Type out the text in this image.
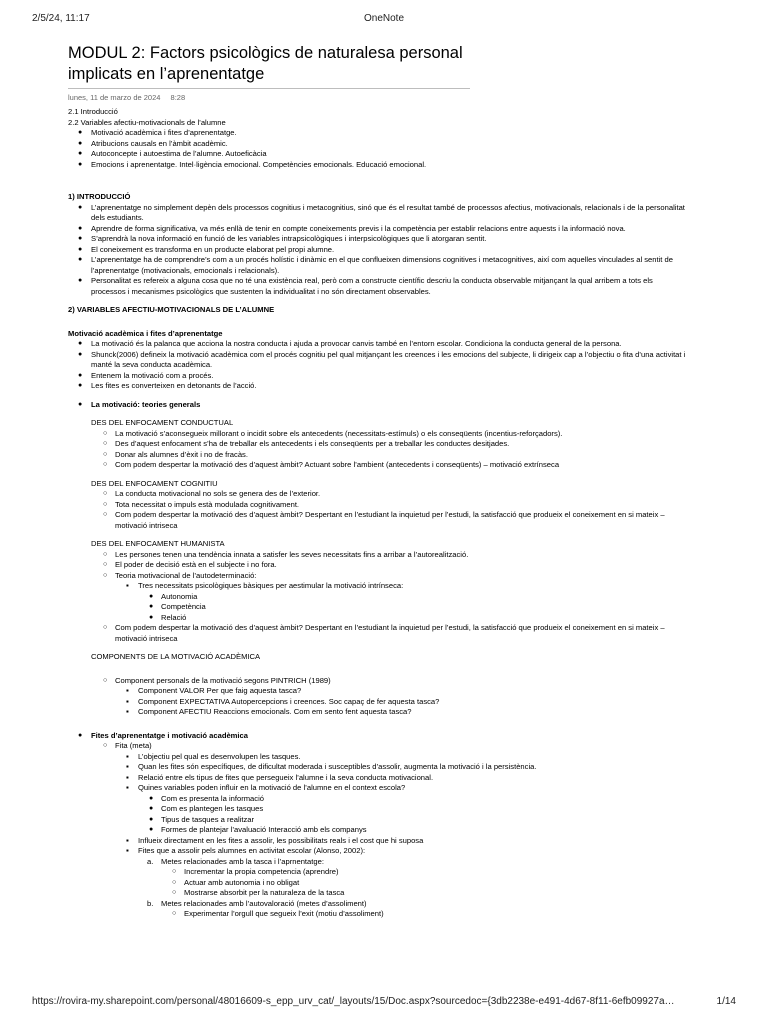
2/5/24, 11:17	OneNote
MODUL 2: Factors psicològics de naturalesa personal implicats en l’aprenentatge
lunes, 11 de marzo de 2024 8:28

2.1 Introducció

2.2 Variables afectiu-motivacionals de l’alumne

● Motivació acadèmica i fites d’aprenentatge.
● Atribucions causals en l’àmbit acadèmic.
● Autoconcepte i autoestima de l’alumne. Autoeficàcia
● Emocions i aprenentatge. Intel·ligència emocional. Competències emocionals. Educació emocional.

1) INTRODUCCIÓ

● L’aprenentatge no simplement depèn dels processos cognitius i metacognitius, sinó que és el resultat també de processos afectius, motivacionals, relacionals i de la personalitat dels estudiants.
● Aprendre de forma significativa, va més enllà de tenir en compte coneixements previs i la competència per establir relacions entre aquests i la informació nova.
● S’aprendrà la nova informació en funció de les variables intrapsicològiques i interpsicològiques que li atorgaran sentit.
● El coneixement es transforma en un producte elaborat pel propi alumne.
● L’aprenentatge ha de comprendre’s com a un procés holístic i dinàmic en el que conflueixen dimensions cognitives i metacognitives, així com aquelles vinculades al sentit de l’aprenentatge (motivacionals, emocionals i relacionals).
● Personalitat es refereix a alguna cosa que no té una existència real, però com a constructe científic descriu la conducta observable mitjançant la qual arribem a tots els processos i mecanismes psicològics que sustenten la individualitat i no són directament observables.

2) VARIABLES AFECTIU-MOTIVACIONALS DE L’ALUMNE

Motivació acadèmica i fites d’aprenentatge

● La motivació és la palanca que acciona la nostra conducta i ajuda a provocar canvis també en l’entorn escolar. Condiciona la conducta general de la persona.
● Shunck(2006) defineix la motivació acadèmica com el procés cognitiu pel qual mitjançant les creences i les emocions del subjecte, li dirigeix cap a l’objectiu o fita d’una activitat i manté la seva conducta acadèmica.
● Entenem la motivació com a procés.
● Les fites es converteixen en detonants de l’acció.
● La motivació: teories generals

DES DEL ENFOCAMENT CONDUCTUAL

○ La motivació s’aconsegueix millorant o incidit sobre els antecedents (necessitats-estímuls) o els conseqüents (incentius-reforçadors).
○ Des d’aquest enfocament s’ha de treballar els antecedents i els conseqüents per a treballar les conductes desitjades.
○ Donar als alumnes d’èxit i no de fracàs.
○ Com podem despertar la motivació des d’aquest àmbit? Actuant sobre l’ambient (antecedents i conseqüents) – motivació extrínseca

DES DEL ENFOCAMENT COGNITIU

○ La conducta motivacional no sols se genera des de l’exterior.
○ Tota necessitat o impuls està modulada cognitivament.
○ Com podem despertar la motivació des d’aquest àmbit? Despertant en l’estudiant la inquietud per l’estudi, la satisfacció que produeix el coneixement en si mateix – motivació intriseca

DES DEL ENFOCAMENT HUMANISTA

○ Les persones tenen una tendència innata a satisfer les seves necessitats fins a arribar a l’autorealització.
○ El poder de decisió està en el subjecte i no fora.
○ Teoria motivacional de l’autodeterminació:
▪ Tres necessitats psicològiques bàsiques per aestimular la motivació intrínseca:
● Autonomia
● Competència
● Relació
○ Com podem despertar la motivació des d’aquest àmbit? Despertant en l’estudiant la inquietud per l’estudi, la satisfacció que produeix el coneixement en si mateix – motivació intriseca

COMPONENTS DE LA MOTIVACIÓ ACADÈMICA

○ Component personals de la motivació segons PINTRICH (1989)
▪ Component VALOR Per que faig aquesta tasca?
▪ Component EXPECTATIVA Autopercepcions i creences. Soc capaç de fer aquesta tasca?
▪ Component AFECTIU Reaccions emocionals. Com em sento fent aquesta tasca?
● Fites d’aprenentatge i motivació acadèmica
○ Fita (meta)
▪ L’objectiu pel qual es desenvolupen les tasques.
▪ Quan les fites són específiques, de dificultat moderada i susceptibles d’assolir, augmenta la motivació i la persistència.
▪ Relació entre els tipus de fites que persegueix l’alumne i la seva conducta motivacional.
▪ Quines variables poden influir en la motivació de l’alumne en el context escola?
● Com es presenta la informació
● Com es plantegen les tasques
● Tipus de tasques a realitzar
● Formes de plantejar l’avaluació Interacció amb els companys
▪ Influeix directament en les fites a assolir, les possibilitats reals i el cost que hi suposa
▪ Fites que a assolir pels alumnes en activitat escolar (Alonso, 2002):
a. Metes relacionades amb la tasca i l’aprnentatge:
○ Incrementar la propia competencia (aprendre)
○ Actuar amb autonomia i no obligat
○ Mostrarse absorbit per la naturaleza de la tasca
b. Metes relacionades amb l’autovaloració (metes d’assoliment)
○ Experimentar l’orgull que segueix l’exit (motiu d’assoliment)
https://rovira-my.sharepoint.com/personal/48016609-s_epp_urv_cat/_layouts/15/Doc.aspx?sourcedoc={3db2238e-e491-4d67-8f11-6efb09927a…	1/14
